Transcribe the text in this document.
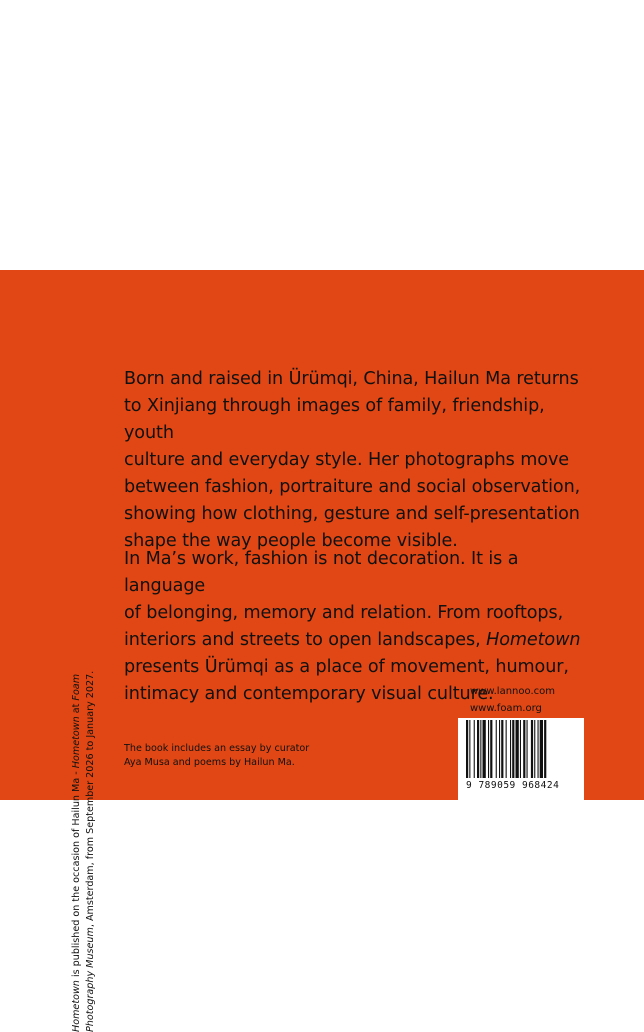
Hometown is published on the occasion of Hailun Ma - Hometown at Foam Photography Museum, Amsterdam, from September 2026 to January 2027.
Born and raised in Ürümqi, China, Hailun Ma returns
to Xinjiang through images of family, friendship, youth
culture and everyday style. Her photographs move
between fashion, portraiture and social observation,
showing how clothing, gesture and self-presentation
shape the way people become visible.
In Ma’s work, fashion is not decoration. It is a language
of belonging, memory and relation. From rooftops,
interiors and streets to open landscapes, Hometown
presents Ürümqi as a place of movement, humour,
intimacy and contemporary visual culture.
The book includes an essay by curator
Aya Musa and poems by Hailun Ma.
www.lannoo.com
www.foam.org
9 789059 968424
